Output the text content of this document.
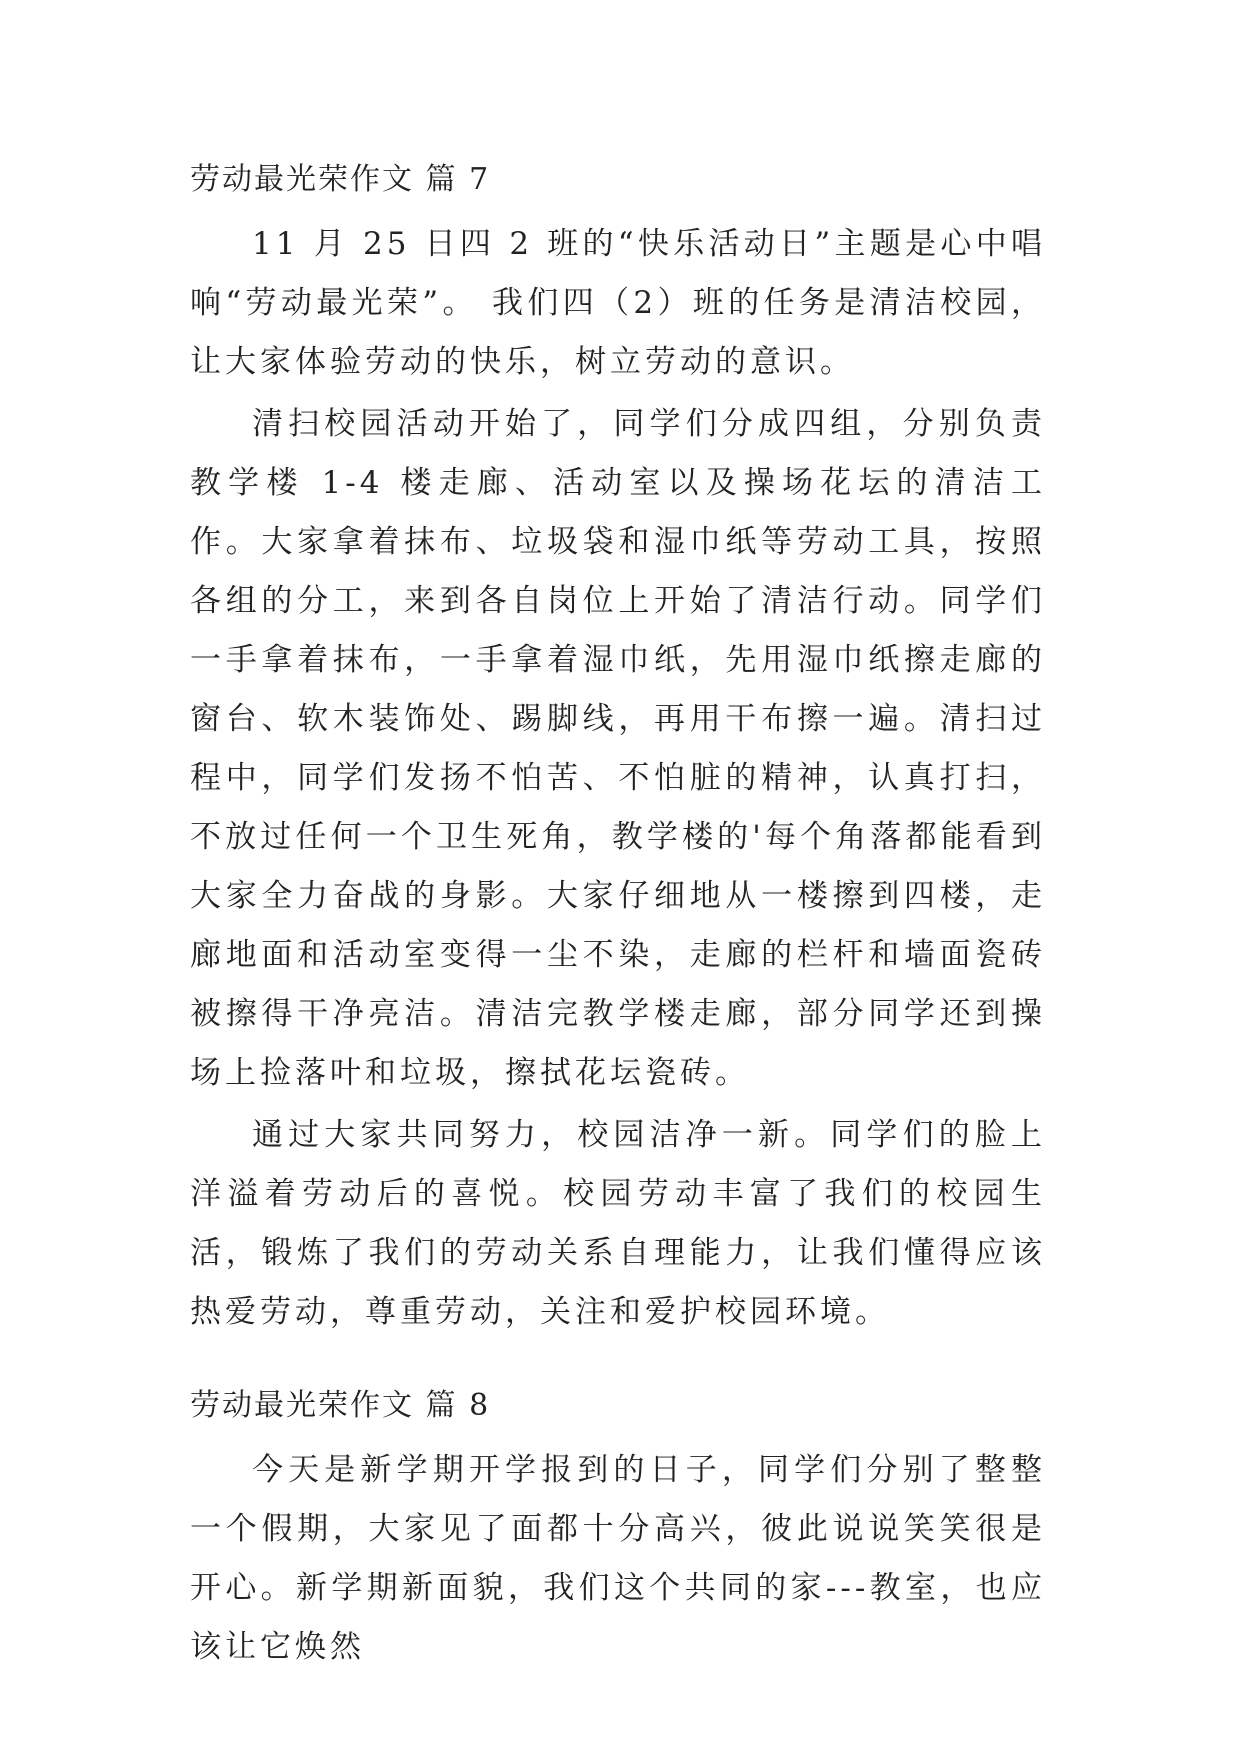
劳动最光荣作文 篇 7

11 月 25 日四 2 班的“快乐活动日”主题是心中唱响“劳动最光荣”。 我们四（2）班的任务是清洁校园，让大家体验劳动的快乐，树立劳动的意识。

清扫校园活动开始了，同学们分成四组，分别负责教学楼 1-4 楼走廊、活动室以及操场花坛的清洁工作。大家拿着抹布、垃圾袋和湿巾纸等劳动工具，按照各组的分工，来到各自岗位上开始了清洁行动。同学们一手拿着抹布，一手拿着湿巾纸，先用湿巾纸擦走廊的窗台、软木装饰处、踢脚线，再用干布擦一遍。清扫过程中，同学们发扬不怕苦、不怕脏的精神，认真打扫，不放过任何一个卫生死角，教学楼的'每个角落都能看到大家全力奋战的身影。大家仔细地从一楼擦到四楼，走廊地面和活动室变得一尘不染，走廊的栏杆和墙面瓷砖被擦得干净亮洁。清洁完教学楼走廊，部分同学还到操场上捡落叶和垃圾，擦拭花坛瓷砖。

通过大家共同努力，校园洁净一新。同学们的脸上洋溢着劳动后的喜悦。校园劳动丰富了我们的校园生活，锻炼了我们的劳动关系自理能力，让我们懂得应该热爱劳动，尊重劳动，关注和爱护校园环境。

劳动最光荣作文 篇 8

今天是新学期开学报到的日子，同学们分别了整整一个假期，大家见了面都十分高兴，彼此说说笑笑很是开心。新学期新面貌，我们这个共同的家---教室，也应该让它焕然
